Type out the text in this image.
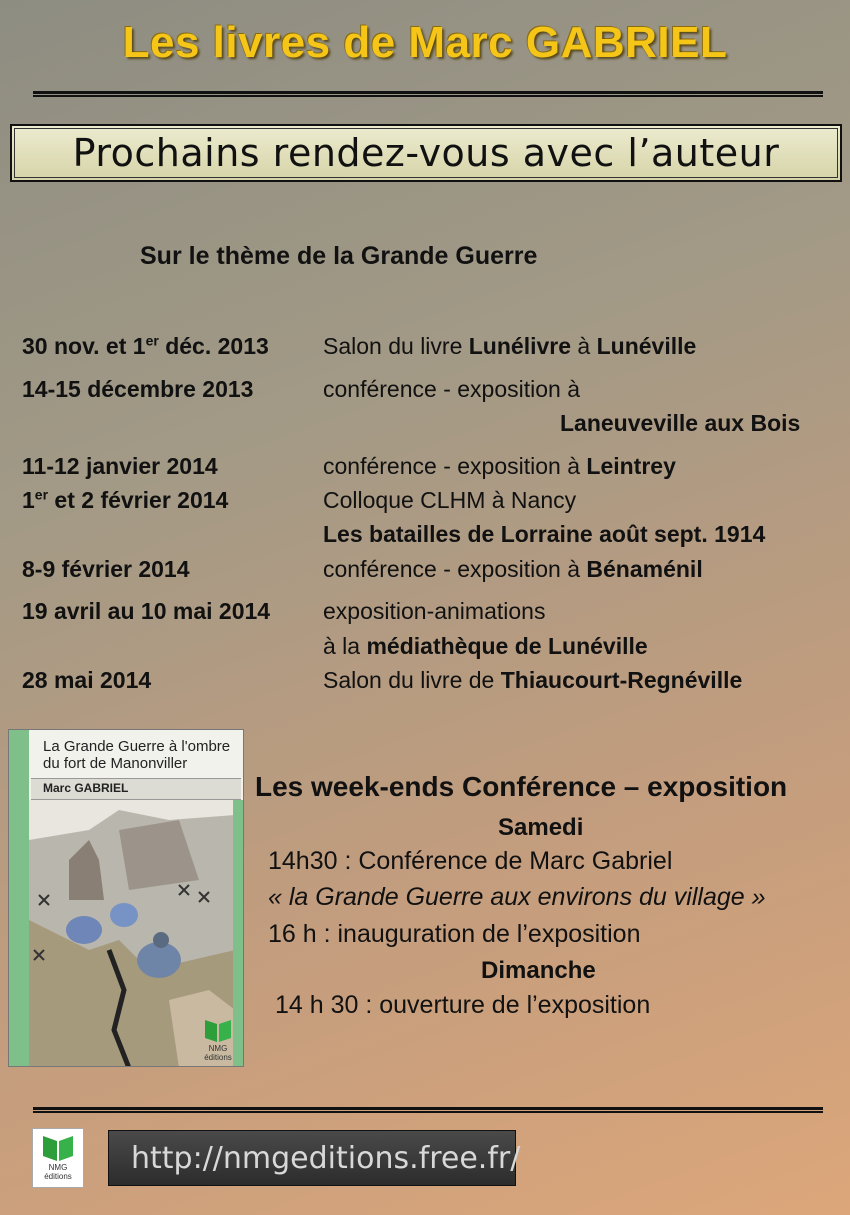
Les livres de Marc GABRIEL
Prochains rendez-vous avec l’auteur
Sur le thème de la Grande Guerre
30 nov. et 1er déc. 2013 Salon du livre Lunélivre à Lunéville
14-15 décembre 2013	conférence - exposition à
Laneuveville aux Bois
11-12 janvier 2014	conférence - exposition à Leintrey
1er et 2 février 2014	Colloque CLHM à Nancy
Les batailles de Lorraine août sept. 1914
8-9 février 2014	conférence - exposition à Bénaménil
19 avril au 10 mai 2014 exposition-animations
à la médiathèque de Lunéville
28 mai 2014	Salon du livre de Thiaucourt-Regnéville
La Grande Guerre à l'ombre du fort de Manonviller
Marc GABRIEL
NMG
éditions
Les week-ends Conférence – exposition
Samedi
14h30 : Conférence de Marc Gabriel
« la Grande Guerre aux environs du village »
16 h : inauguration de l’exposition
Dimanche
14 h 30 : ouverture de l’exposition
NMG
éditions
http://nmgeditions.free.fr/
